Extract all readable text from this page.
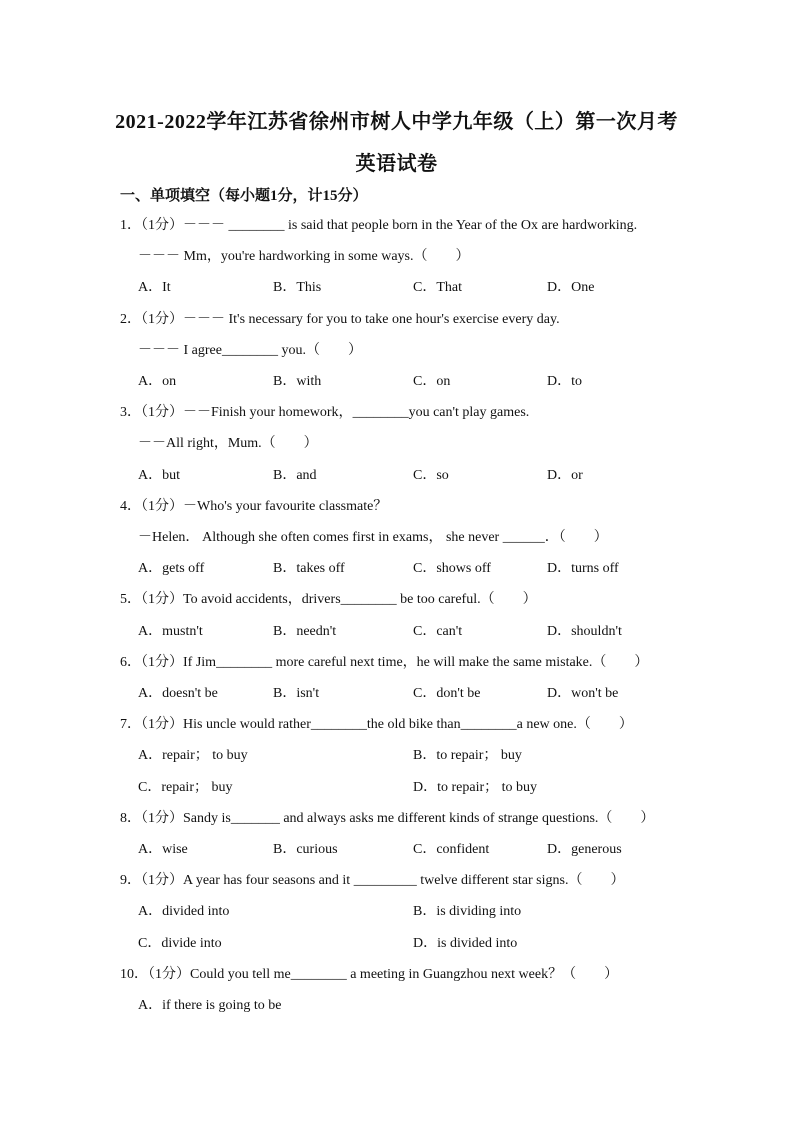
2021-2022学年江苏省徐州市树人中学九年级（上）第一次月考
英语试卷
一、单项填空（每小题1分，计15分）
1．（1分）－－－ ________ is said that people born in the Year of the Ox are hardworking.
－－－ Mm，you're hardworking in some ways.（　　）
A．It	B．This	C．That	D．One
2．（1分）－－－ It's necessary for you to take one hour's exercise every day.
－－－ I agree________ you.（　　）
A．on	B．with	C．on	D．to
3．（1分）－－Finish your homework，________you can't play games.
－－All right，Mum.（　　）
A．but	B．and	C．so	D．or
4．（1分）－Who's your favourite classmate？
－Helen． Although she often comes first in exams， she never ______．（　　）
A．gets off	B．takes off	C．shows off	D．turns off
5．（1分）To avoid accidents，drivers________ be too careful.（　　）
A．mustn't	B．needn't	C．can't	D．shouldn't
6．（1分）If Jim________ more careful next time，he will make the same mistake.（　　）
A．doesn't be	B．isn't	C．don't be	D．won't be
7．（1分）His uncle would rather________the old bike than________a new one.（　　）
A．repair； to buy	B．to repair； buy
C．repair； buy	D．to repair； to buy
8．（1分）Sandy is_______ and always asks me different kinds of strange questions.（　　）
A．wise	B．curious	C．confident	D．generous
9．（1分）A year has four seasons and it _________ twelve different star signs.（　　）
A．divided into	B．is dividing into
C．divide into	D．is divided into
10．（1分）Could you tell me________ a meeting in Guangzhou next week？（　　）
A．if there is going to be
